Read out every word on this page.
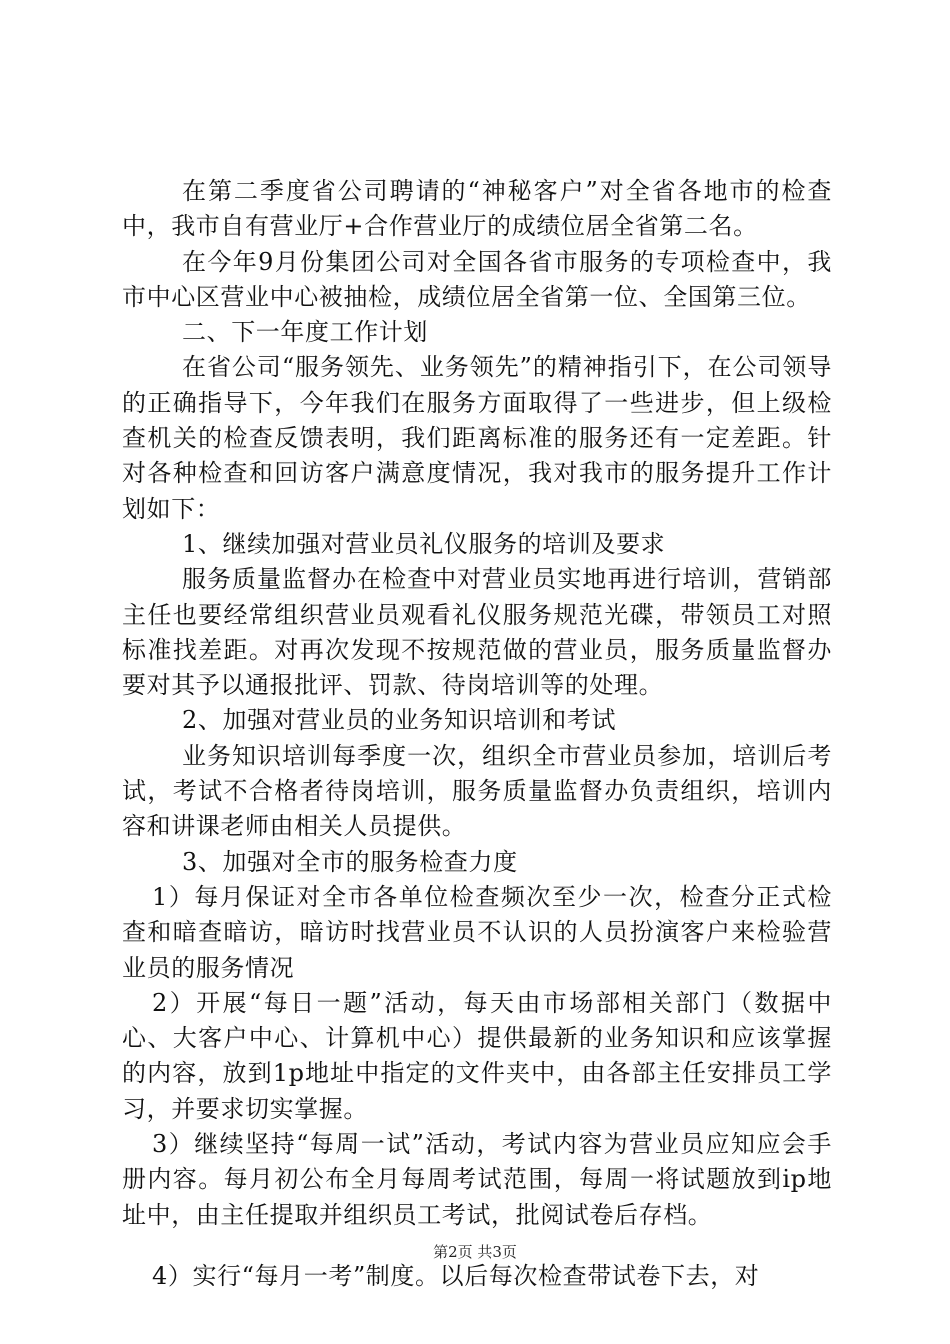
在第二季度省公司聘请的“神秘客户”对全省各地市的检查中，我市自有营业厅+合作营业厅的成绩位居全省第二名。

在今年9月份集团公司对全国各省市服务的专项检查中，我市中心区营业中心被抽检，成绩位居全省第一位、全国第三位。

二、下一年度工作计划

在省公司“服务领先、业务领先”的精神指引下，在公司领导的正确指导下，今年我们在服务方面取得了一些进步，但上级检查机关的检查反馈表明，我们距离标准的服务还有一定差距。针对各种检查和回访客户满意度情况，我对我市的服务提升工作计划如下：

1、继续加强对营业员礼仪服务的培训及要求

服务质量监督办在检查中对营业员实地再进行培训，营销部主任也要经常组织营业员观看礼仪服务规范光碟，带领员工对照标准找差距。对再次发现不按规范做的营业员，服务质量监督办要对其予以通报批评、罚款、待岗培训等的处理。

2、加强对营业员的业务知识培训和考试

业务知识培训每季度一次，组织全市营业员参加，培训后考试，考试不合格者待岗培训，服务质量监督办负责组织，培训内容和讲课老师由相关人员提供。

3、加强对全市的服务检查力度

1）每月保证对全市各单位检查频次至少一次，检查分正式检查和暗查暗访，暗访时找营业员不认识的人员扮演客户来检验营业员的服务情况

2）开展“每日一题”活动，每天由市场部相关部门（数据中心、大客户中心、计算机中心）提供最新的业务知识和应该掌握的内容，放到1p地址中指定的文件夹中，由各部主任安排员工学习，并要求切实掌握。

3）继续坚持“每周一试”活动，考试内容为营业员应知应会手册内容。每月初公布全月每周考试范围，每周一将试题放到ip地址中，由主任提取并组织员工考试，批阅试卷后存档。

4）实行“每月一考”制度。以后每次检查带试卷下去，对

第2页 共3页
